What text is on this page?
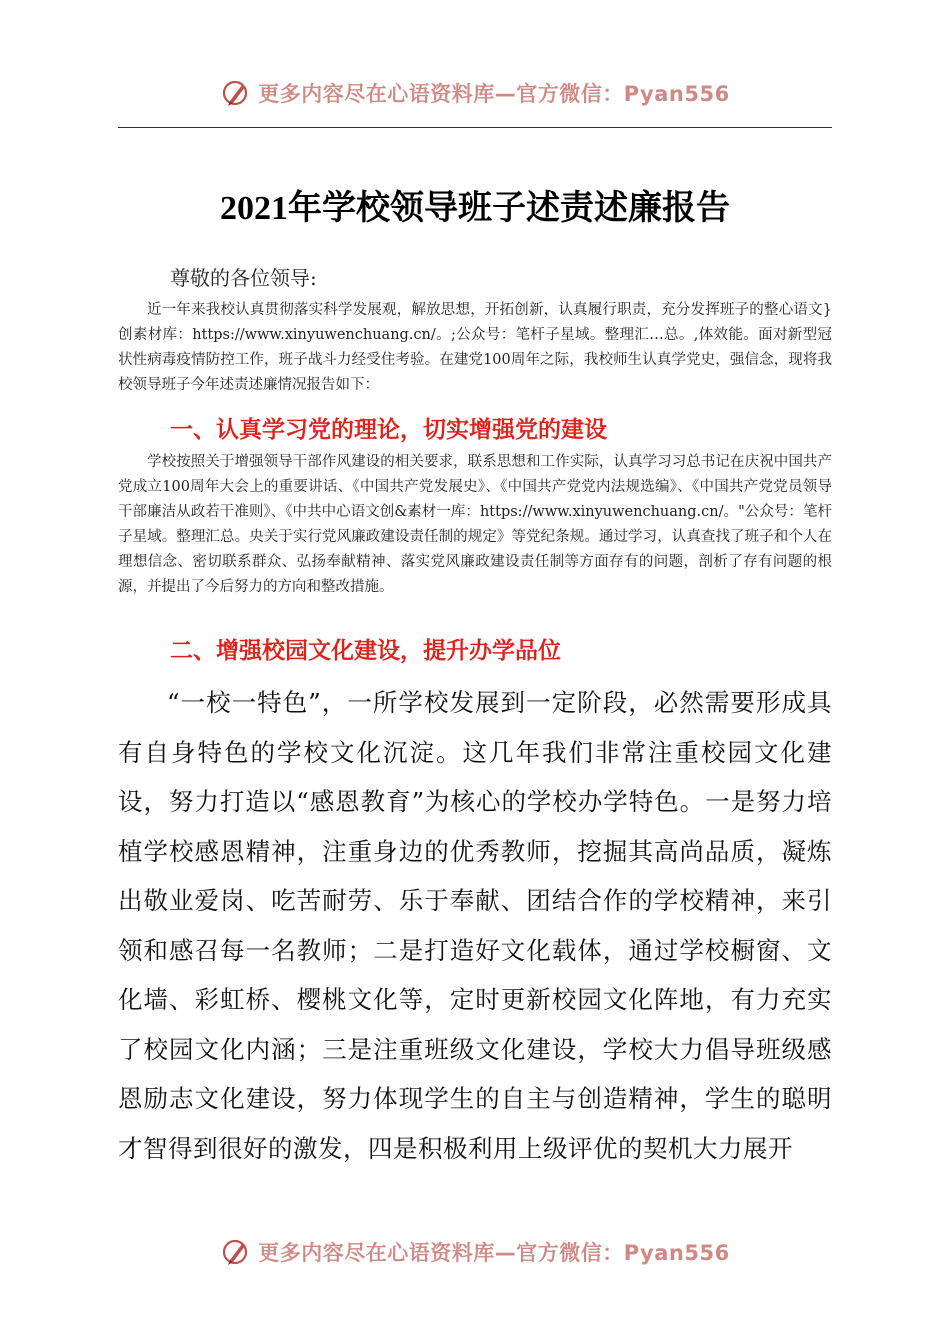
更多内容尽在心语资料库—官方微信：Pyan556
2021年学校领导班子述责述廉报告
尊敬的各位领导:

近一年来我校认真贯彻落实科学发展观，解放思想，开拓创新，认真履行职责，充分发挥班子的整心语文}创素材库：https://www.xinyuwenchuang.cn/。;公众号：笔杆子星域。整理汇…总。,体效能。面对新型冠状性病毒疫情防控工作，班子战斗力经受住考验。在建党100周年之际，我校师生认真学党史，强信念，现将我校领导班子今年述责述廉情况报告如下：

一、认真学习党的理论，切实增强党的建设

学校按照关于增强领导干部作风建设的相关要求，联系思想和工作实际，认真学习习总书记在庆祝中国共产党成立100周年大会上的重要讲话、《中国共产党发展史》、《中国共产党党内法规选编》、《中国共产党党员领导干部廉洁从政若干准则》、《中共中心语文创&素材一库：https://www.xinyuwenchuang.cn/。"公众号：笔杆子星域。整理汇总。央关于实行党风廉政建设责任制的规定》等党纪条规。通过学习，认真查找了班子和个人在理想信念、密切联系群众、弘扬奉献精神、落实党风廉政建设责任制等方面存有的问题，剖析了存有问题的根源，并提出了今后努力的方向和整改措施。

二、增强校园文化建设，提升办学品位

“一校一特色”，一所学校发展到一定阶段，必然需要形成具有自身特色的学校文化沉淀。这几年我们非常注重校园文化建设，努力打造以“感恩教育”为核心的学校办学特色。一是努力培植学校感恩精神，注重身边的优秀教师，挖掘其高尚品质，凝炼出敬业爱岗、吃苦耐劳、乐于奉献、团结合作的学校精神，来引领和感召每一名教师；二是打造好文化载体，通过学校橱窗、文化墙、彩虹桥、樱桃文化等，定时更新校园文化阵地，有力充实了校园文化内涵；三是注重班级文化建设，学校大力倡导班级感恩励志文化建设，努力体现学生的自主与创造精神，学生的聪明才智得到很好的激发，四是积极利用上级评优的契机大力展开

更多内容尽在心语资料库—官方微信：Pyan556
